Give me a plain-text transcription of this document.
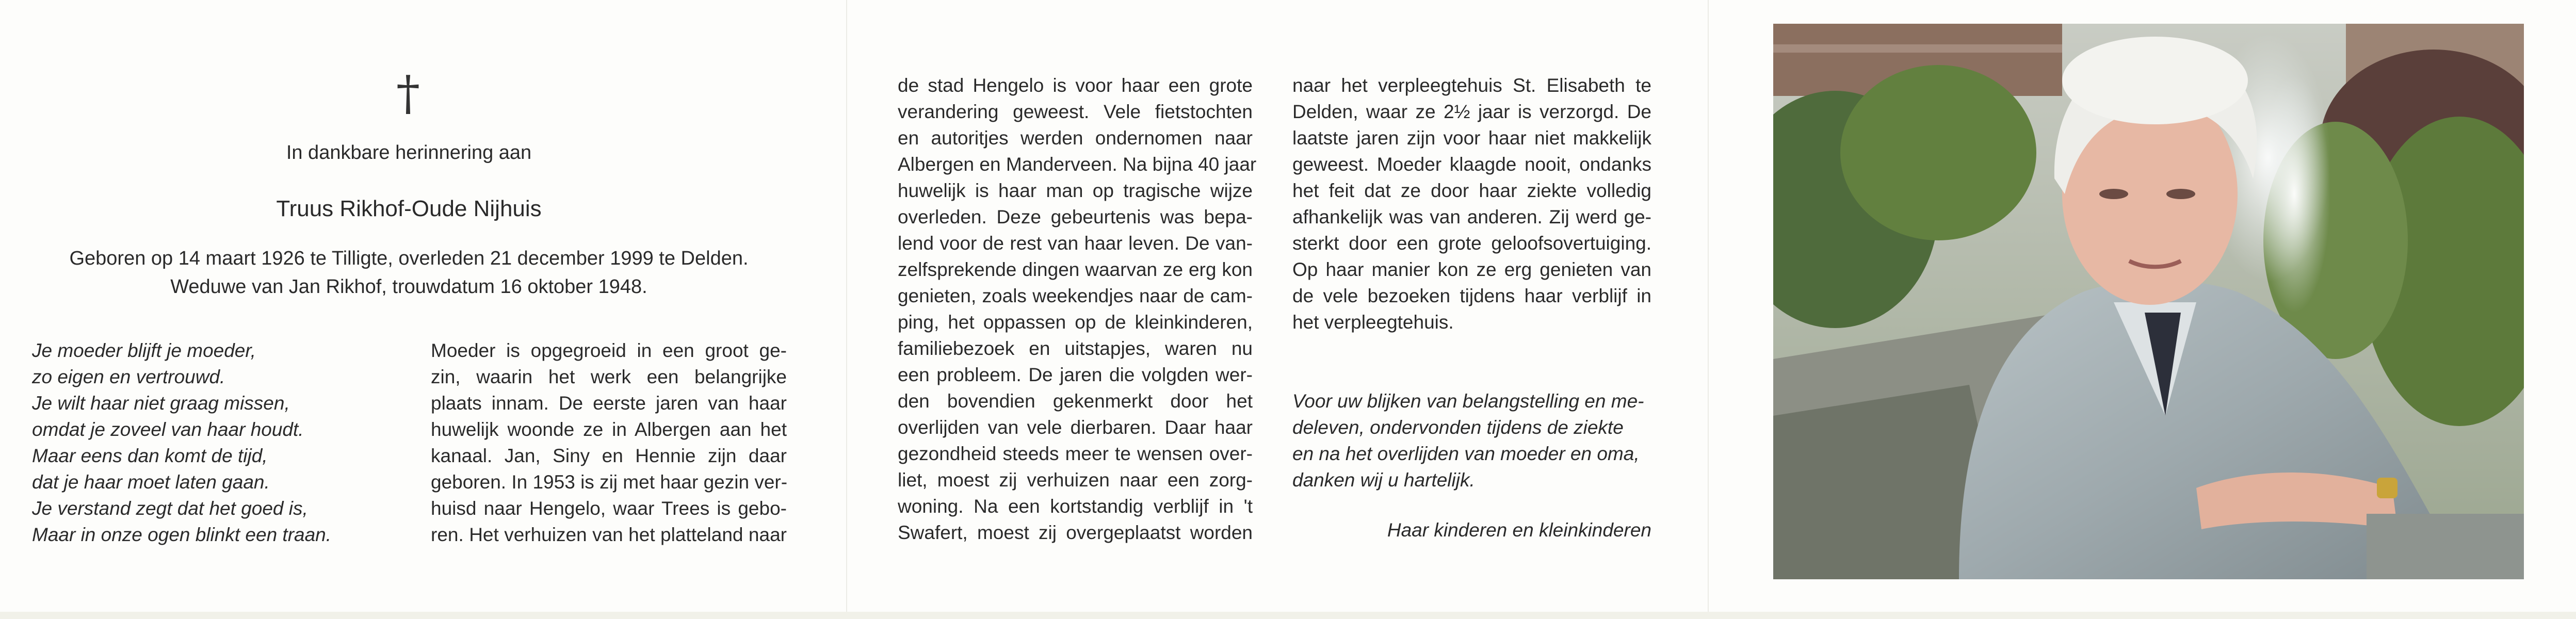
†
In dankbare herinnering aan
Truus Rikhof-Oude Nijhuis
Geboren op 14 maart 1926 te Tilligte, overleden 21 december 1999 te Delden.
Weduwe van Jan Rikhof, trouwdatum 16 oktober 1948.
Je moeder blijft je moeder,
zo eigen en vertrouwd.
Je wilt haar niet graag missen,
omdat je zoveel van haar houdt.
Maar eens dan komt de tijd,
dat je haar moet laten gaan.
Je verstand zegt dat het goed is,
Maar in onze ogen blinkt een traan.
Moeder is opgegroeid in een groot ge-
zin, waarin het werk een belangrijke
plaats innam. De eerste jaren van haar
huwelijk woonde ze in Albergen aan het
kanaal. Jan, Siny en Hennie zijn daar
geboren. In 1953 is zij met haar gezin ver-
huisd naar Hengelo, waar Trees is gebo-
ren. Het verhuizen van het platteland naar
de stad Hengelo is voor haar een grote
verandering geweest. Vele fietstochten
en autoritjes werden ondernomen naar
Albergen en Manderveen. Na bijna 40 jaar
huwelijk is haar man op tragische wijze
overleden. Deze gebeurtenis was bepa-
lend voor de rest van haar leven. De van-
zelfsprekende dingen waarvan ze erg kon
genieten, zoals weekendjes naar de cam-
ping, het oppassen op de kleinkinderen,
familiebezoek en uitstapjes, waren nu
een probleem. De jaren die volgden wer-
den bovendien gekenmerkt door het
overlijden van vele dierbaren. Daar haar
gezondheid steeds meer te wensen over-
liet, moest zij verhuizen naar een zorg-
woning. Na een kortstandig verblijf in 't
Swafert, moest zij overgeplaatst worden
naar het verpleegtehuis St. Elisabeth te
Delden, waar ze 2½ jaar is verzorgd. De
laatste jaren zijn voor haar niet makkelijk
geweest. Moeder klaagde nooit, ondanks
het feit dat ze door haar ziekte volledig
afhankelijk was van anderen. Zij werd ge-
sterkt door een grote geloofsovertuiging.
Op haar manier kon ze erg genieten van
de vele bezoeken tijdens haar verblijf in
het verpleegtehuis.
Voor uw blijken van belangstelling en me-
deleven, ondervonden tijdens de ziekte
en na het overlijden van moeder en oma,
danken wij u hartelijk.
Haar kinderen en kleinkinderen
